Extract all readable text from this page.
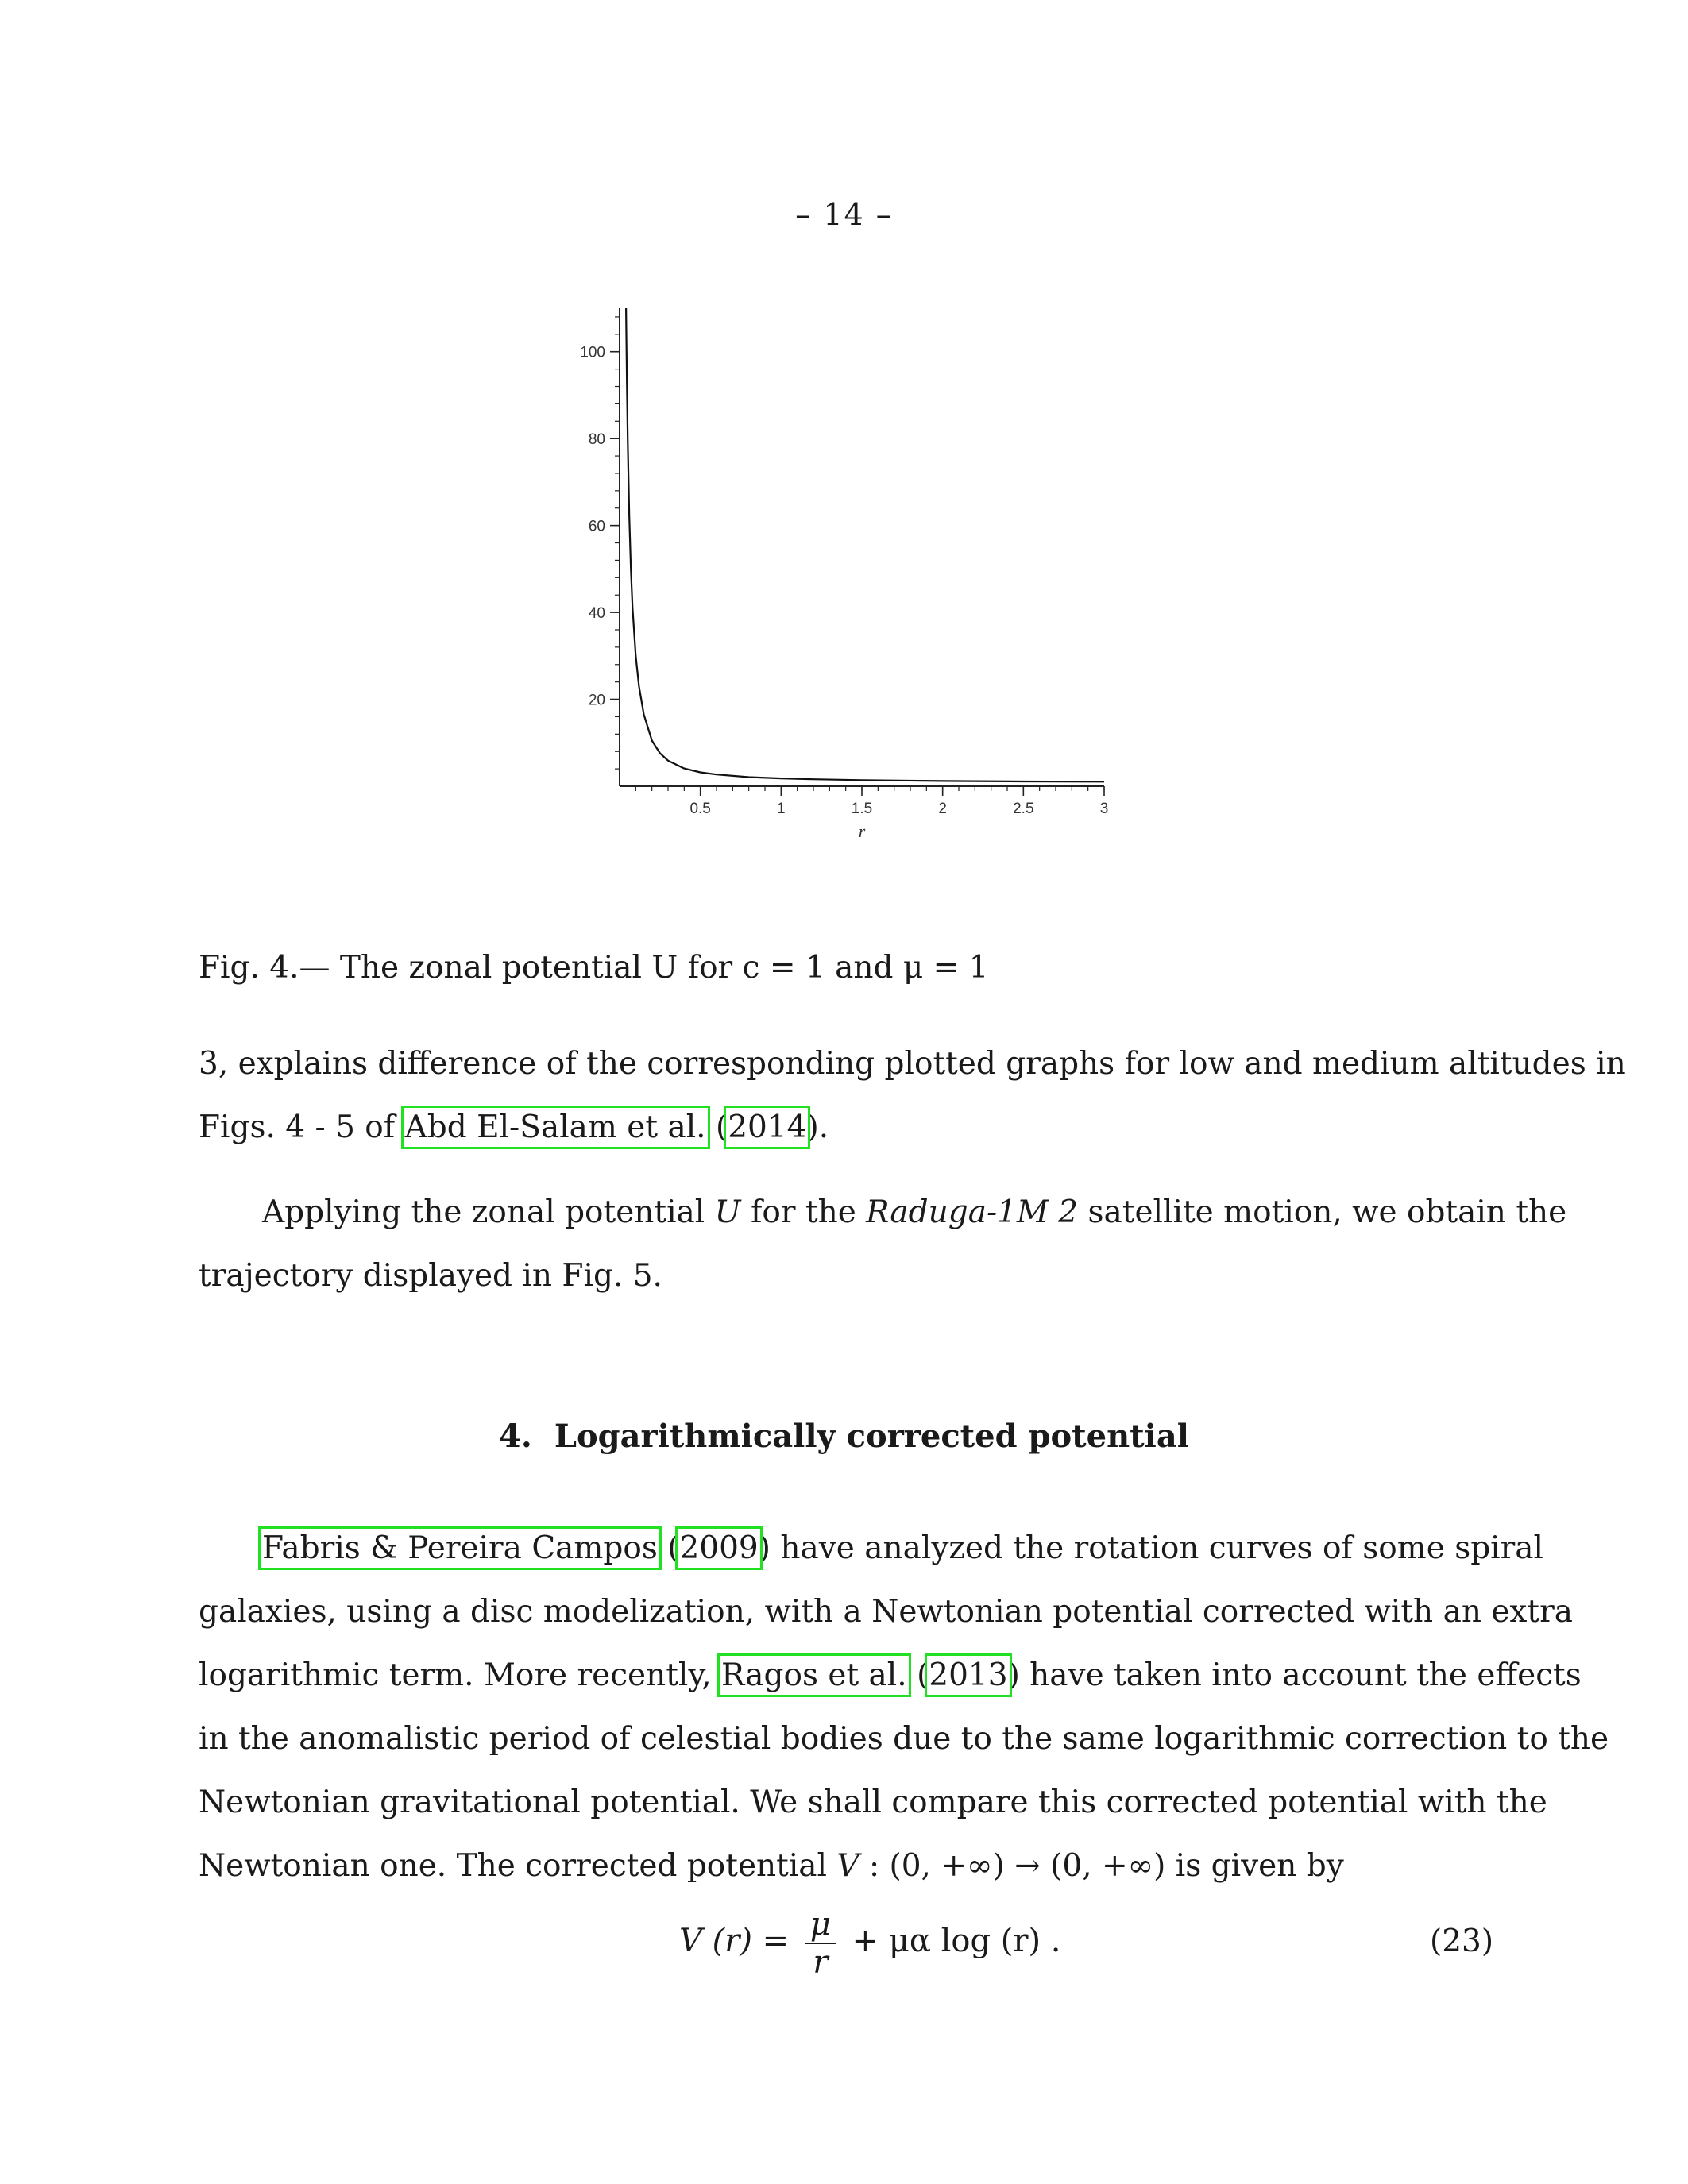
– 14 –
0.5	1	1.5	2	2.5	3
20
40
60
80
100
r
Fig. 4.— The zonal potential U for c = 1 and μ = 1
3, explains difference of the corresponding plotted graphs for low and medium altitudes in
Figs. 4 - 5 of Abd El-Salam et al. (2014).
Applying the zonal potential U for the Raduga-1M 2 satellite motion, we obtain the
trajectory displayed in Fig. 5.
4. Logarithmically corrected potential
Fabris & Pereira Campos (2009) have analyzed the rotation curves of some spiral
galaxies, using a disc modelization, with a Newtonian potential corrected with an extra
logarithmic term. More recently, Ragos et al. (2013) have taken into account the effects
in the anomalistic period of celestial bodies due to the same logarithmic correction to the
Newtonian gravitational potential. We shall compare this corrected potential with the
Newtonian one. The corrected potential V : (0, +∞) → (0, +∞) is given by
V $(r) = \frac{\mu}{r} + \mu\alpha$ log (r) .	(23)
